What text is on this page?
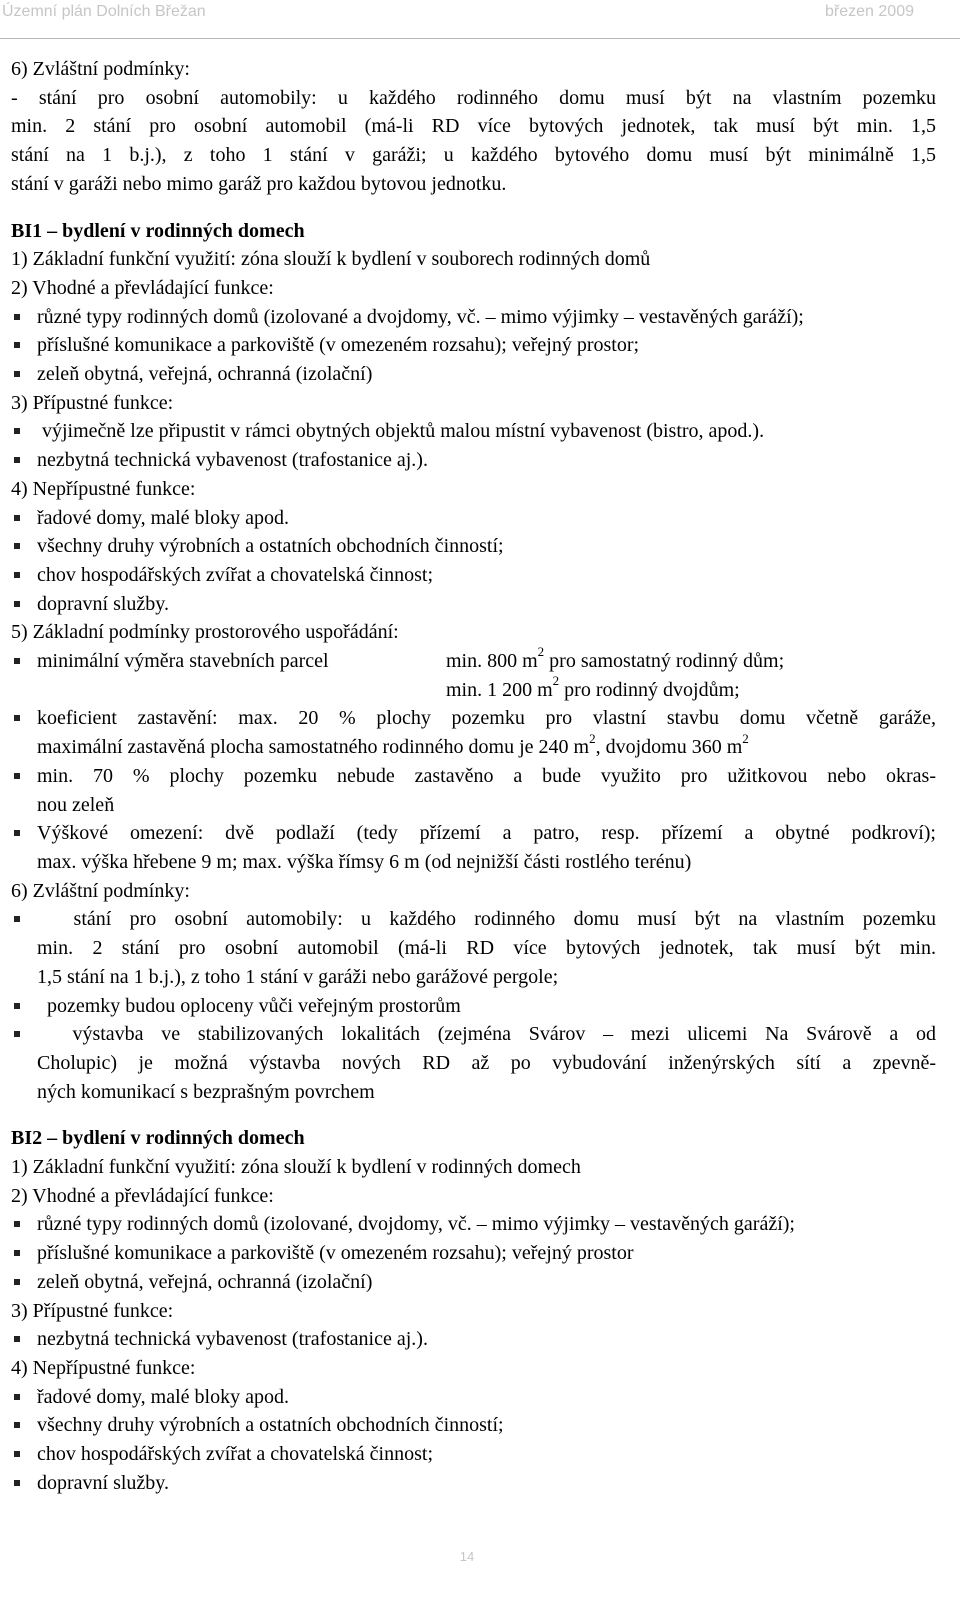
Územní plán Dolních Břežan	březen 2009
6) Zvláštní podmínky:
- stání pro osobní automobily: u každého rodinného domu musí být na vlastním pozemku
min. 2 stání pro osobní automobil (má-li RD více bytových jednotek, tak musí být min. 1,5
stání na 1 b.j.), z toho 1 stání v garáži; u každého bytového domu musí být minimálně 1,5
stání v garáži nebo mimo garáž pro každou bytovou jednotku.
BI1 – bydlení v rodinných domech
1) Základní funkční využití: zóna slouží k bydlení v souborech rodinných domů
2) Vhodné a převládající funkce:
různé typy rodinných domů (izolované a dvojdomy, vč. – mimo výjimky – vestavěných garáží);
příslušné komunikace a parkoviště (v omezeném rozsahu); veřejný prostor;
zeleň obytná, veřejná, ochranná (izolační)
3) Přípustné funkce:
výjimečně lze připustit v rámci obytných objektů malou místní vybavenost (bistro, apod.).
nezbytná technická vybavenost (trafostanice aj.).
4) Nepřípustné funkce:
řadové domy, malé bloky apod.
všechny druhy výrobních a ostatních obchodních činností;
chov hospodářských zvířat a chovatelská činnost;
dopravní služby.
5) Základní podmínky prostorového uspořádání:
minimální výměra stavebních parcel	min. 800 $m^2$ pro samostatný rodinný dům;
min. 1 200 $m^2$ pro rodinný dvojdům;
koeficient zastavění: max. 20 % plochy pozemku pro vlastní stavbu domu včetně garáže,
maximální zastavěná plocha samostatného rodinného domu je 240 $m^2$, dvojdomu 360 $m^2$
min. 70 % plochy pozemku nebude zastavěno a bude využito pro užitkovou nebo okras-
nou zeleň
Výškové omezení: dvě podlaží (tedy přízemí a patro, resp. přízemí a obytné podkroví);
max. výška hřebene 9 m; max. výška římsy 6 m (od nejnižší části rostlého terénu)
6) Zvláštní podmínky:
stání pro osobní automobily: u každého rodinného domu musí být na vlastním pozemku
min. 2 stání pro osobní automobil (má-li RD více bytových jednotek, tak musí být min.
1,5 stání na 1 b.j.), z toho 1 stání v garáži nebo garážové pergole;
pozemky budou oploceny vůči veřejným prostorům
výstavba ve stabilizovaných lokalitách (zejména Svárov – mezi ulicemi Na Svárově a od
Cholupic) je možná výstavba nových RD až po vybudování inženýrských sítí a zpevně-
ných komunikací s bezprašným povrchem
BI2 – bydlení v rodinných domech
1) Základní funkční využití: zóna slouží k bydlení v rodinných domech
2) Vhodné a převládající funkce:
různé typy rodinných domů (izolované, dvojdomy, vč. – mimo výjimky – vestavěných garáží);
příslušné komunikace a parkoviště (v omezeném rozsahu); veřejný prostor
zeleň obytná, veřejná, ochranná (izolační)
3) Přípustné funkce:
nezbytná technická vybavenost (trafostanice aj.).
4) Nepřípustné funkce:
řadové domy, malé bloky apod.
všechny druhy výrobních a ostatních obchodních činností;
chov hospodářských zvířat a chovatelská činnost;
dopravní služby.
14
